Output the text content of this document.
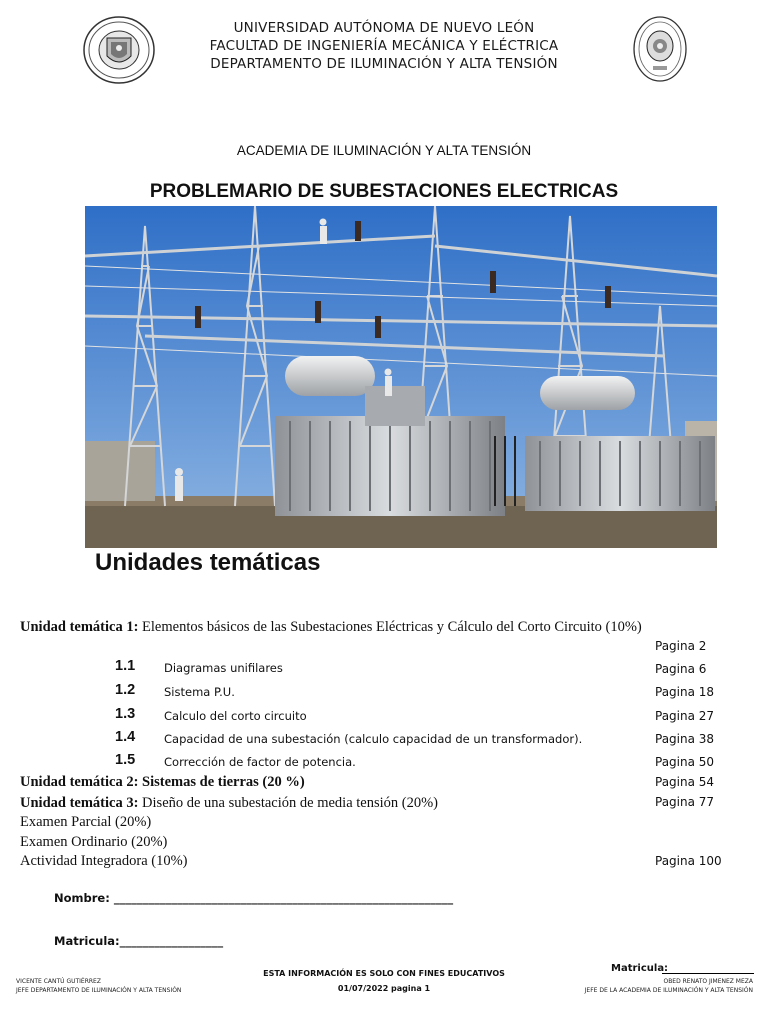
UNIVERSIDAD AUTÓNOMA DE NUEVO LEÓN
FACULTAD DE INGENIERÍA MECÁNICA Y ELÉCTRICA
DEPARTAMENTO DE ILUMINACIÓN Y ALTA TENSIÓN
ACADEMIA DE ILUMINACIÓN Y ALTA TENSIÓN
PROBLEMARIO DE SUBESTACIONES ELECTRICAS
Unidades temáticas
Unidad temática 1: Elementos básicos de las Subestaciones Eléctricas y Cálculo del Corto Circuito (10%)
Pagina 2
1.1	Diagramas unifilares	Pagina 6
1.2	Sistema P.U.	Pagina 18
1.3	Calculo del corto circuito	Pagina 27
1.4	Capacidad de una subestación (calculo capacidad de un transformador).	Pagina 38
1.5	Corrección de factor de potencia.	Pagina 50
Unidad temática 2: Sistemas de tierras (20 %)	Pagina 54
Unidad temática 3: Diseño de una subestación de media tensión (20%)	Pagina 77
Examen Parcial (20%)
Examen Ordinario (20%)
Actividad Integradora (10%)	Pagina 100
Nombre: ___________________________________________________________
Matricula:__________________
VICENTE CANTÚ GUTIÉRREZ
JEFE DEPARTAMENTO DE ILUMINACIÓN Y ALTA TENSIÓN
ESTA INFORMACIÓN ES SOLO CON FINES EDUCATIVOS
01/07/2022 pagina 1
Matricula:
OBED RENATO JIMENEZ MEZA
JEFE DE LA ACADEMIA DE ILUMINACIÓN Y ALTA TENSIÓN
